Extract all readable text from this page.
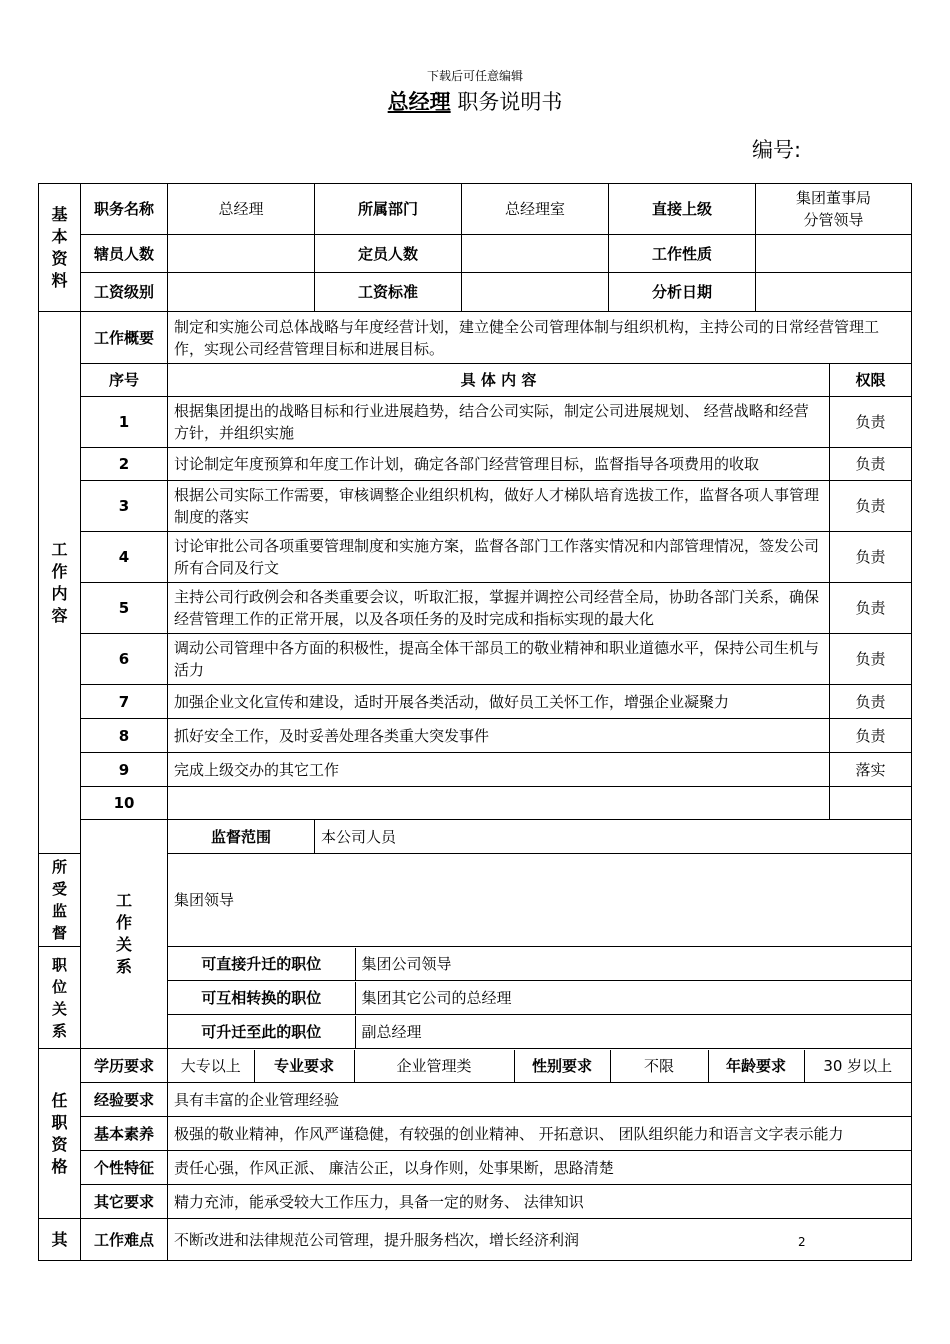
下载后可任意编辑
总经理 职务说明书
编号:
基本资料
	职务名称	总经理	所属部门	总经理室	直接上级	集团董事局
分管领导
辖员人数		定员人数		工作性质	
工资级别		工资标准		分析日期	

工作内容
	工作概要	制定和实施公司总体战略与年度经营计划，建立健全公司管理体制与组织机构，主持公司的日常经营管理工作，实现公司经营管理目标和进展目标。
序号	具 体 内 容	权限
1	根据集团提出的战略目标和行业进展趋势，结合公司实际，制定公司进展规划、 经营战略和经营方针，并组织实施	负责
2	讨论制定年度预算和年度工作计划，确定各部门经营管理目标，监督指导各项费用的收取	负责
3	根据公司实际工作需要，审核调整企业组织机构，做好人才梯队培育选拔工作，监督各项人事管理制度的落实	负责
4	讨论审批公司各项重要管理制度和实施方案，监督各部门工作落实情况和内部管理情况，签发公司所有合同及行文	负责
5	主持公司行政例会和各类重要会议，听取汇报，掌握并调控公司经营全局，协助各部门关系，确保经营管理工作的正常开展，以及各项任务的及时完成和指标实现的最大化	负责
6	调动公司管理中各方面的积极性，提高全体干部员工的敬业精神和职业道德水平，保持公司生机与活力	负责
7	加强企业文化宣传和建设，适时开展各类活动，做好员工关怀工作，增强企业凝聚力	负责
8	抓好安全工作，及时妥善处理各类重大突发事件	负责
9	完成上级交办的其它工作	落实
10		

工作关系
	监督范围	本公司人员
所受监督	集团领导
职位关系	
可直接升迁的职位	集团公司领导

可互相转换的职位	集团其它公司的总经理

可升迁至此的职位	副总经理

任职资格
	学历要求	大专以上	专业要求	企业管理类	性别要求	不限	年龄要求	30 岁以上

经验要求	具有丰富的企业管理经验
基本素养	极强的敬业精神，作风严谨稳健，有较强的创业精神、 开拓意识、 团队组织能力和语言文字表示能力
个性特征	责任心强，作风正派、 廉洁公正，以身作则，处事果断，思路清楚
其它要求	精力充沛，能承受较大工作压力，具备一定的财务、 法律知识
其	工作难点	不断改进和法律规范公司管理，提升服务档次，增长经济利润	2
